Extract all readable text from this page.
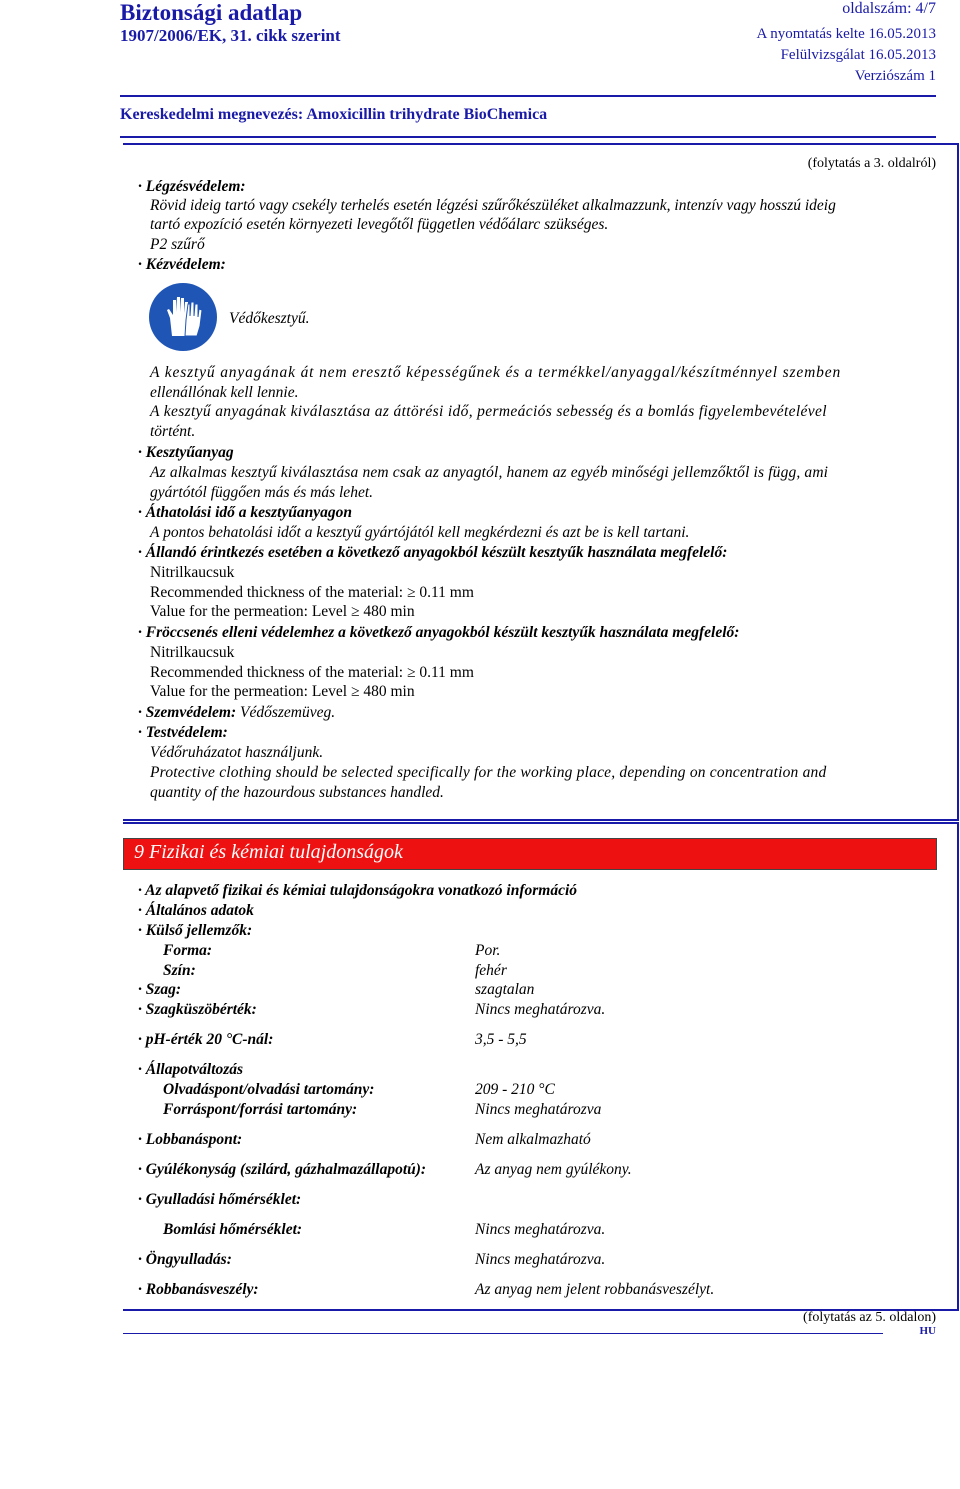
Biztonsági adatlap
1907/2006/EK, 31. cikk szerint
oldalszám: 4/7
A nyomtatás kelte 16.05.2013
Felülvizsgálat 16.05.2013
Verziószám 1
Kereskedelmi megnevezés: Amoxicillin trihydrate BioChemica
(folytatás a 3. oldalról)
· Légzésvédelem:
Rövid ideig tartó vagy csekély terhelés esetén légzési szűrőkészüléket alkalmazzunk, intenzív vagy hosszú ideig
tartó expozíció esetén környezeti levegőtől független védőálarc szükséges.
P2 szűrő
· Kézvédelem:
Védőkesztyű.
A kesztyű anyagának át nem eresztő képességűnek és a termékkel/anyaggal/készítménnyel szemben
ellenállónak kell lennie.
A kesztyű anyagának kiválasztása az áttörési idő, permeációs sebesség és a bomlás figyelembevételével
történt.
· Kesztyűanyag
Az alkalmas kesztyű kiválasztása nem csak az anyagtól, hanem az egyéb minőségi jellemzőktől is függ, ami
gyártótól függően más és más lehet.
· Áthatolási idő a kesztyűanyagon
A pontos behatolási időt a kesztyű gyártójától kell megkérdezni és azt be is kell tartani.
· Állandó érintkezés esetében a következő anyagokból készült kesztyűk használata megfelelő:
Nitrilkaucsuk
Recommended thickness of the material: ≥ 0.11 mm
Value for the permeation: Level ≥ 480 min
· Fröccsenés elleni védelemhez a következő anyagokból készült kesztyűk használata megfelelő:
Nitrilkaucsuk
Recommended thickness of the material: ≥ 0.11 mm
Value for the permeation: Level ≥ 480 min
· Szemvédelem: Védőszemüveg.
· Testvédelem:
Védőruházatot használjunk.
Protective clothing should be selected specifically for the working place, depending on concentration and
quantity of the hazourdous substances handled.
9 Fizikai és kémiai tulajdonságok
· Az alapvető fizikai és kémiai tulajdonságokra vonatkozó információ
· Általános adatok
· Külső jellemzők:
Forma:	Por.
Szín:	fehér
· Szag:	szagtalan
· Szagküszöbérték:	Nincs meghatározva.
· pH-érték 20 °C-nál:	3,5 - 5,5
· Állapotváltozás
Olvadáspont/olvadási tartomány:	209 - 210 °C
Forráspont/forrási tartomány:	Nincs meghatározva
· Lobbanáspont:	Nem alkalmazható
· Gyúlékonyság (szilárd, gázhalmazállapotú):	Az anyag nem gyúlékony.
· Gyulladási hőmérséklet:
Bomlási hőmérséklet:	Nincs meghatározva.
· Öngyulladás:	Nincs meghatározva.
· Robbanásveszély:	Az anyag nem jelent robbanásveszélyt.
(folytatás az 5. oldalon)
HU
